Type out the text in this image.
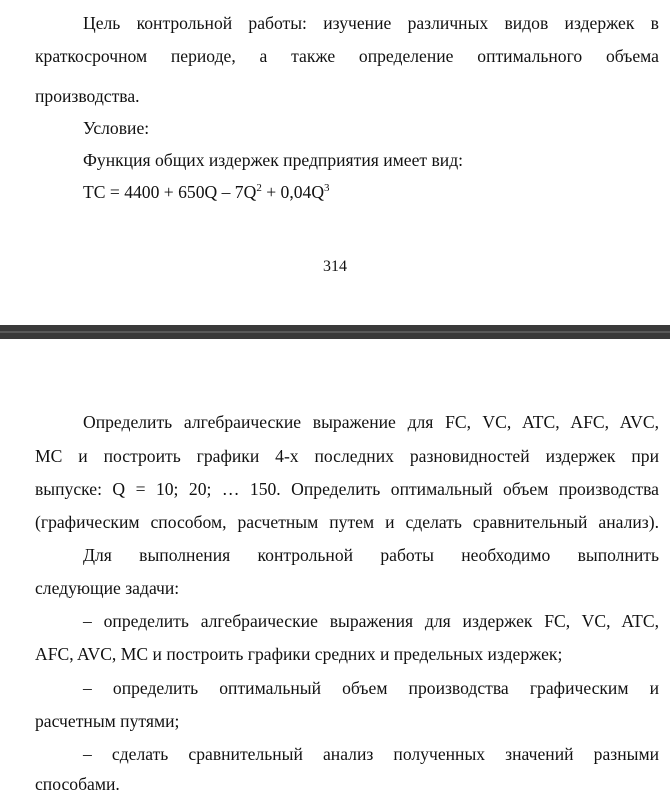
Цель контрольной работы: изучение различных видов издержек в
краткосрочном периоде, а также определение оптимального объема
производства.
Условие:
Функция общих издержек предприятия имеет вид:
TC = $4400 + 650Q - 7Q^2 + 0,04Q^3$
314
Определить алгебраические выражение для FC, VC, ATC, AFC, AVC,
MC и построить графики 4-х последних разновидностей издержек при
выпуске: Q = 10; 20; … 150. Определить оптимальный объем производства
(графическим способом, расчетным путем и сделать сравнительный анализ).
Для выполнения контрольной работы необходимо выполнить
следующие задачи:
– определить алгебраические выражения для издержек FC, VC, ATC,
AFC, AVC, MC и построить графики средних и предельных издержек;
– определить оптимальный объем производства графическим и
расчетным путями;
– сделать сравнительный анализ полученных значений разными
способами.
